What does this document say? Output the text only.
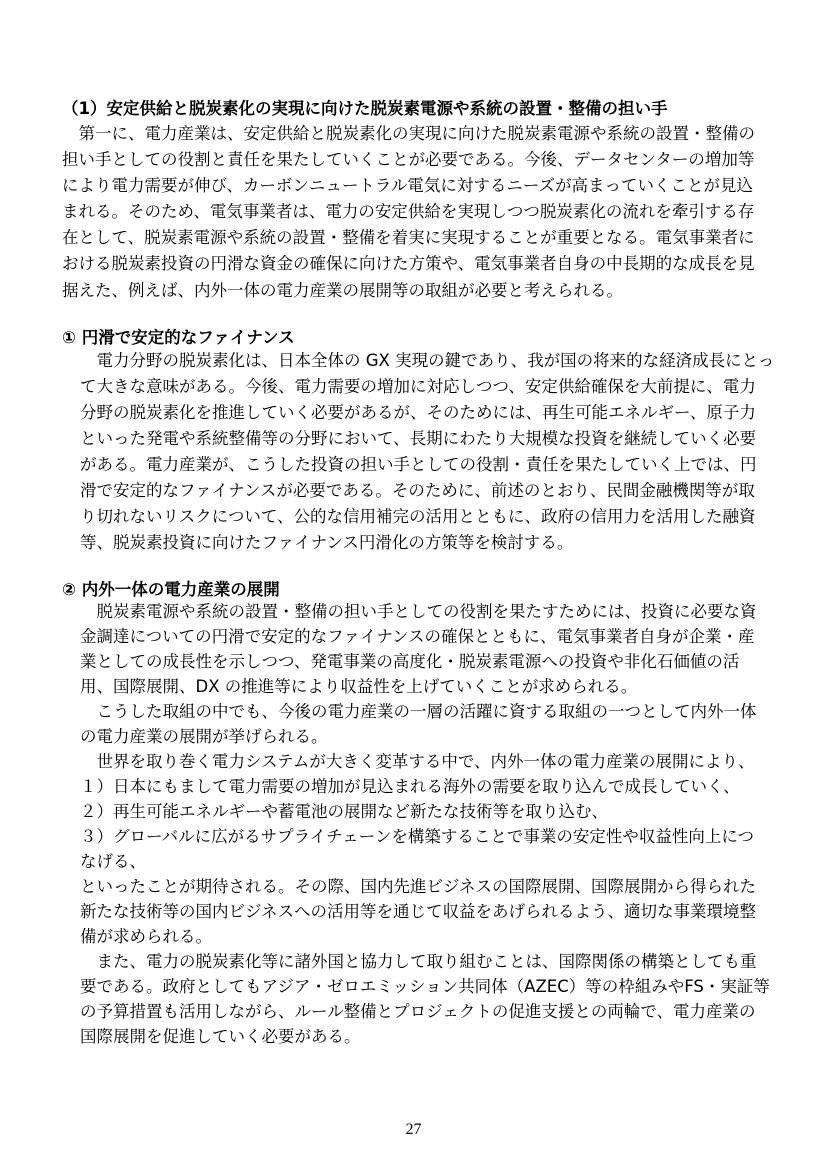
（1）安定供給と脱炭素化の実現に向けた脱炭素電源や系統の設置・整備の担い手
第一に、電力産業は、安定供給と脱炭素化の実現に向けた脱炭素電源や系統の設置・整備の
担い手としての役割と責任を果たしていくことが必要である。今後、データセンターの増加等
により電力需要が伸び、カーボンニュートラル電気に対するニーズが高まっていくことが見込
まれる。そのため、電気事業者は、電力の安定供給を実現しつつ脱炭素化の流れを牽引する存
在として、脱炭素電源や系統の設置・整備を着実に実現することが重要となる。電気事業者に
おける脱炭素投資の円滑な資金の確保に向けた方策や、電気事業者自身の中長期的な成長を見
据えた、例えば、内外一体の電力産業の展開等の取組が必要と考えられる。
① 円滑で安定的なファイナンス
電力分野の脱炭素化は、日本全体の GX 実現の鍵であり、我が国の将来的な経済成長にとっ
て大きな意味がある。今後、電力需要の増加に対応しつつ、安定供給確保を大前提に、電力
分野の脱炭素化を推進していく必要があるが、そのためには、再生可能エネルギー、原子力
といった発電や系統整備等の分野において、長期にわたり大規模な投資を継続していく必要
がある。電力産業が、こうした投資の担い手としての役割・責任を果たしていく上では、円
滑で安定的なファイナンスが必要である。そのために、前述のとおり、民間金融機関等が取
り切れないリスクについて、公的な信用補完の活用とともに、政府の信用力を活用した融資
等、脱炭素投資に向けたファイナンス円滑化の方策等を検討する。
② 内外一体の電力産業の展開
脱炭素電源や系統の設置・整備の担い手としての役割を果たすためには、投資に必要な資
金調達についての円滑で安定的なファイナンスの確保とともに、電気事業者自身が企業・産
業としての成長性を示しつつ、発電事業の高度化・脱炭素電源への投資や非化石価値の活
用、国際展開、DX の推進等により収益性を上げていくことが求められる。
こうした取組の中でも、今後の電力産業の一層の活躍に資する取組の一つとして内外一体
の電力産業の展開が挙げられる。
世界を取り巻く電力システムが大きく変革する中で、内外一体の電力産業の展開により、
１）日本にもまして電力需要の増加が見込まれる海外の需要を取り込んで成長していく、
２）再生可能エネルギーや蓄電池の展開など新たな技術等を取り込む、
３）グローバルに広がるサプライチェーンを構築することで事業の安定性や収益性向上につ
なげる、
といったことが期待される。その際、国内先進ビジネスの国際展開、国際展開から得られた
新たな技術等の国内ビジネスへの活用等を通じて収益をあげられるよう、適切な事業環境整
備が求められる。
また、電力の脱炭素化等に諸外国と協力して取り組むことは、国際関係の構築としても重
要である。政府としてもアジア・ゼロエミッション共同体（AZEC）等の枠組みやFS・実証等
の予算措置も活用しながら、ルール整備とプロジェクトの促進支援との両輪で、電力産業の
国際展開を促進していく必要がある。
27
